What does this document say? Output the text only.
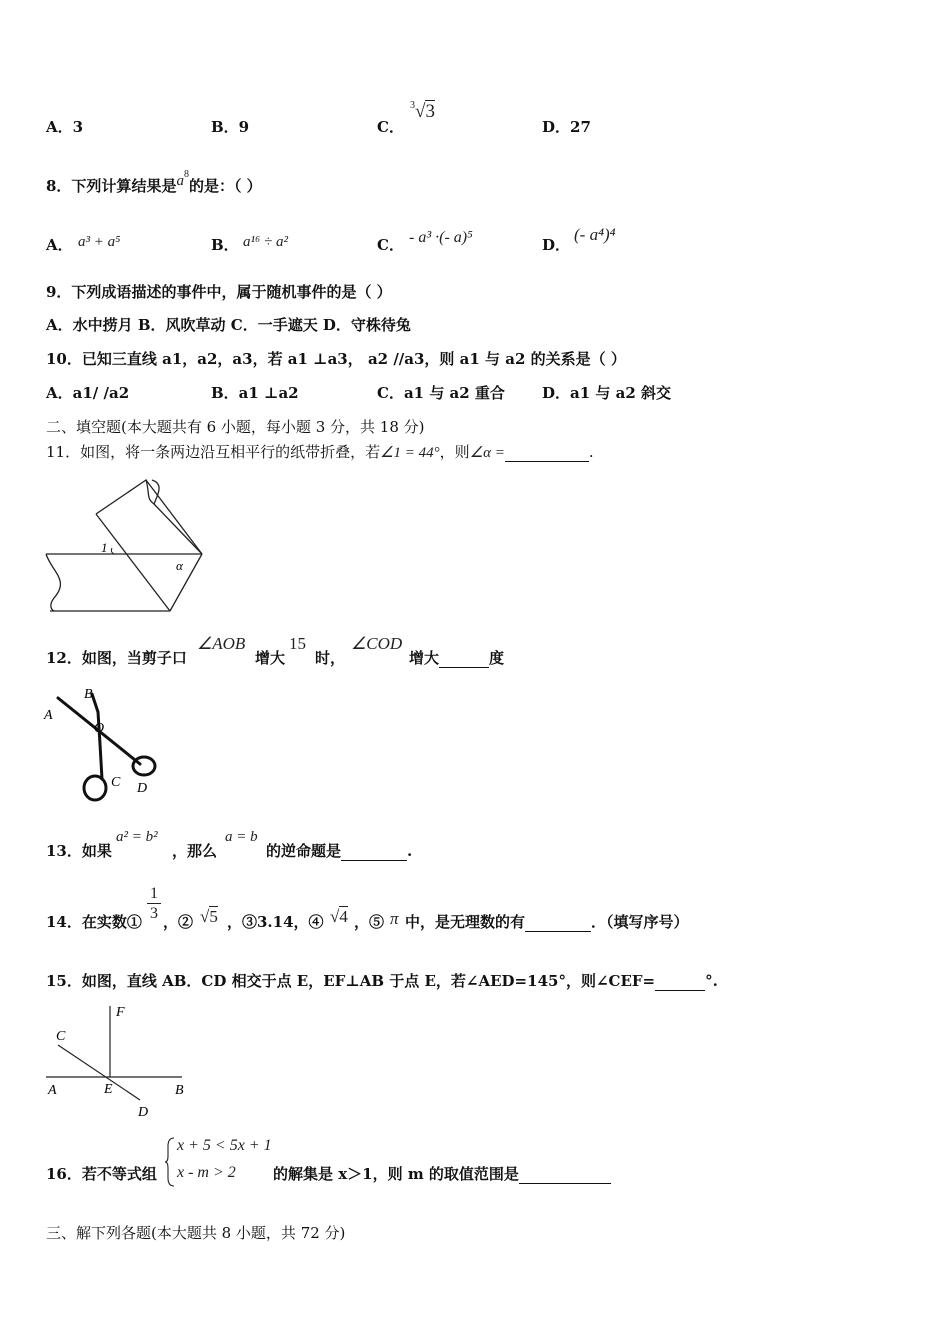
A．3	B．9	C．
$^3$√3
D．27
8．下列计算结果是$a^8$的是：（ ）
A． a³ + a⁵	B． a¹⁶ ÷ a²	C． - a³ ·(- a)⁵	D．
(- a⁴)⁴
9．下列成语描述的事件中，属于随机事件的是（ ）
A．水中捞月 B．风吹草动 C．一手遮天 D．守株待兔
10．已知三直线 a1，a2，a3，若 a1 ⊥a3， a2 //a3，则 a1 与 a2 的关系是（ ）
A．a1/ /a2	B．a1 ⊥a2	C．a1 与 a2 重合 D．a1 与 a2 斜交
二、填空题(本大题共有 6 小题，每小题 3 分，共 18 分)
11．如图，将一条两边沿互相平行的纸带折叠，若∠1 = 44°，则∠α =	.
1
α
12．如图，当剪子口
∠AOB
增大
15
时，
∠COD
增大	度
A
B
O
C D
13．如果
a² = b²
，那么
a = b
的逆命题是	.
14．在实数① $\frac{1}{3}$ ，② √5 ，③3.14，④ √4 ，⑤ π 中，是无理数的有	．（填写序号）
15．如图，直线 AB．CD 相交于点 E，EF⊥AB 于点 E，若∠AED=145°，则∠CEF=	°.
F
C
A	E	B
D
16．若不等式组
x + 5 < 5x + 1
x - m > 2 的解集是 x＞1，则 m 的取值范围是
三、解下列各题(本大题共 8 小题，共 72 分)
